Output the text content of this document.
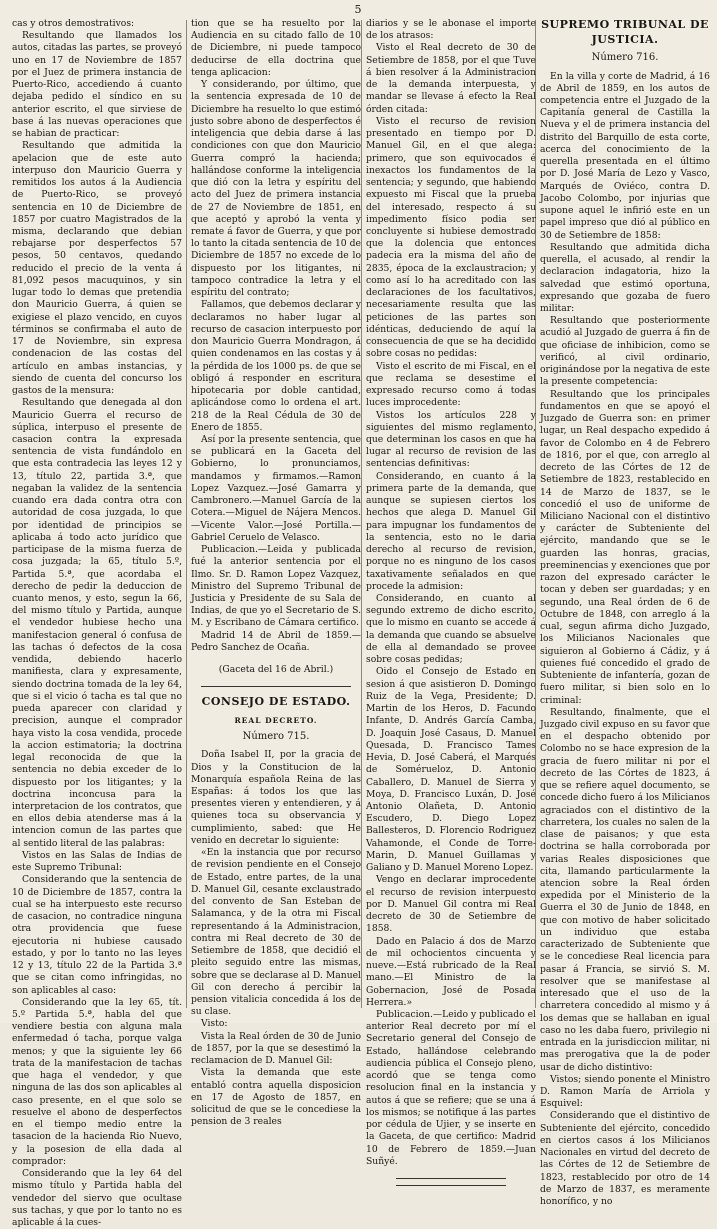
5

cas y otros demostrativos:

Resultando que llamados los autos, citadas las partes, se proveyó uno en 17 de Noviembre de 1857 por el Juez de primera instancia de Puerto-Rico, accediendo á cuanto dejaba pedido el síndico en su anterior escrito, el que sirviese de base á las nuevas operaciones que se habian de practicar:

Resultando que admitida la apelacion que de este auto interpuso don Mauricio Guerra y remitidos los autos á la Audiencia de Puerto-Rico, se proveyó sentencia en 10 de Diciembre de 1857 por cuatro Magistrados de la misma, declarando que debian rebajarse por desperfectos 57 pesos, 50 centavos, quedando reducido el precio de la venta á 81,092 pesos macuquinos, y sin lugar todo lo demas que pretendia don Mauricio Guerra, á quien se exigiese el plazo vencido, en cuyos términos se confirmaba el auto de 17 de Noviembre, sin expresa condenacion de las costas del artículo en ambas instancias, y siendo de cuenta del concurso los gastos de la mensura:

Resultando que denegada al don Mauricio Guerra el recurso de súplica, interpuso el presente de casacion contra la expresada sentencia de vista fundándolo en que esta contradecia las leyes 12 y 13, título 22, partida 3.ª, que negaban la validez de la sentencia cuando era dada contra otra con autoridad de cosa juzgada, lo que por identidad de principios se aplicaba á todo acto jurídico que participase de la misma fuerza de cosa juzgada; la 65, título 5.º, Partida 5.ª, que acordaba el derecho de pedir la deduccion de cuanto menos, y esto, segun la 66, del mismo título y Partida, aunque el vendedor hubiese hecho una manifestacion general ó confusa de las tachas ó defectos de la cosa vendida, debiendo hacerlo manifiesta, clara y expresamente, siendo doctrina tomada de la ley 64, que si el vicio ó tacha es tal que no pueda aparecer con claridad y precision, aunque el comprador haya visto la cosa vendida, procede la accion estimatoria; la doctrina legal reconocida de que la sentencia no debia exceder de lo dispuesto por los litigantes; y la doctrina inconcusa para la interpretacion de los contratos, que en ellos debia atenderse mas á la intencion comun de las partes que al sentido literal de las palabras:

Vistos en las Salas de Indias de este Supremo Tribunal:

Considerando que la sentencia de 10 de Diciembre de 1857, contra la cual se ha interpuesto este recurso de casacion, no contradice ninguna otra providencia que fuese ejecutoria ni hubiese causado estado, y por lo tanto no las leyes 12 y 13, título 22 de la Partida 3.ª que se citan como infringidas, no son aplicables al caso:

Considerando que la ley 65, tít. 5.º Partida 5.ª, habla del que vendiere bestia con alguna mala enfermedad ó tacha, porque valga menos; y que la siguiente ley 66 trata de la manifestacion de tachas que haga el vendedor, y que ninguna de las dos son aplicables al caso presente, en el que solo se resuelve el abono de desperfectos en el tiempo medio entre la tasacion de la hacienda Rio Nuevo, y la posesion de ella dada al comprador:

Considerando que la ley 64 del mismo título y Partida habla del vendedor del siervo que ocultase sus tachas, y que por lo tanto no es aplicable á la cues-

tion que se ha resuelto por la Audiencia en su citado fallo de 10 de Diciembre, ni puede tampoco deducirse de ella doctrina que tenga aplicacion:

Y considerando, por último, que la sentencia expresada de 10 de Diciembre ha resuelto lo que estimó justo sobre abono de desperfectos é inteligencia que debia darse á las condiciones con que don Mauricio Guerra compró la hacienda; hallándose conforme la inteligencia que dió con la letra y espíritu del acto del Juez de primera instancia de 27 de Noviembre de 1851, en que aceptó y aprobó la venta y remate á favor de Guerra, y que por lo tanto la citada sentencia de 10 de Diciembre de 1857 no excede de lo dispuesto por los litigantes, ni tampoco contradice la letra y el espíritu del contrato;

Fallamos, que debemos declarar y declaramos no haber lugar al recurso de casacion interpuesto por don Mauricio Guerra Mondragon, á quien condenamos en las costas y á la pérdida de los 1000 ps. de que se obligó á responder en escritura hipotecaria por doble cantidad, aplicándose como lo ordena el art. 218 de la Real Cédula de 30 de Enero de 1855.

Así por la presente sentencia, que se publicará en la Gaceta del Gobierno, lo pronunciamos, mandamos y firmamos.—Ramon Lopez Vazquez.—José Gamarra y Cambronero.—Manuel García de la Cotera.—Miguel de Nájera Mencos.—Vicente Valor.—José Portilla.—Gabriel Ceruelo de Velasco.

Publicacion.—Leida y publicada fué la anterior sentencia por el Ilmo. Sr. D. Ramon Lopez Vazquez, Ministro del Supremo Tribunal de Justicia y Presidente de su Sala de Indias, de que yo el Secretario de S. M. y Escribano de Cámara certifico.

Madrid 14 de Abril de 1859.—Pedro Sanchez de Ocaña.

(Gaceta del 16 de Abril.)

CONSEJO DE ESTADO.

REAL DECRETO.

Número 715.

Doña Isabel II, por la gracia de Dios y la Constitucion de la Monarquía española Reina de las Españas: á todos los que las presentes vieren y entendieren, y á quienes toca su observancia y cumplimiento, sabed: que He venido en decretar lo siguiente:

«En la instancia que por recurso de revision pendiente en el Consejo de Estado, entre partes, de la una D. Manuel Gil, cesante exclaustrado del convento de San Esteban de Salamanca, y de la otra mi Fiscal representando á la Administracion, contra mi Real decreto de 30 de Setiembre de 1858, que decidió el pleito seguido entre las mismas, sobre que se declarase al D. Manuel Gil con derecho á percibir la pension vitalicia concedida á los de su clase.

Visto:

Vista la Real órden de 30 de Junio de 1857, por la que se desestimó la reclamacion de D. Manuel Gil:

Vista la demanda que este entabló contra aquella disposicion en 17 de Agosto de 1857, en solicitud de que se le concediese la pension de 3 reales

diarios y se le abonase el importe de los atrasos:

Visto el Real decreto de 30 de Setiembre de 1858, por el que Tuve á bien resolver á la Administracion de la demanda interpuesta, y mandar se llevase á efecto la Real órden citada:

Visto el recurso de revision presentado en tiempo por D. Manuel Gil, en el que alega: primero, que son equivocados é inexactos los fundamentos de la sentencia; y segundo, que habiendo expuesto mi Fiscal que la prueba del interesado, respecto á su impedimento físico podia ser concluyente si hubiese demostrado que la dolencia que entonces padecia era la misma del año de 2835, época de la exclaustracion; y como así lo ha acreditado con las declaraciones de los facultativos, necesariamente resulta que las peticiones de las partes son idénticas, deduciendo de aquí la consecuencia de que se ha decidido sobre cosas no pedidas:

Visto el escrito de mi Fiscal, en el que reclama se desestime el expresado recurso como á todas luces improcedente:

Vistos los artículos 228 y siguientes del mismo reglamento, que determinan los casos en que ha lugar al recurso de revision de las sentencias definitivas:

Considerando, en cuanto á la primera parte de la demanda, que aunque se supiesen ciertos los hechos que alega D. Manuel Gil para impugnar los fundamentos de la sentencia, esto no le daria derecho al recurso de revision, porque no es ninguno de los casos taxativamente señalados en que procede la admision:

Considerando, en cuanto al segundo extremo de dicho escrito, que lo mismo en cuanto se accede á la demanda que cuando se absuelve de ella al demandado se provee sobre cosas pedidas;

Oido el Consejo de Estado en sesion á que asistieron D. Domingo Ruiz de la Vega, Presidente; D. Martin de los Heros, D. Facundo Infante, D. Andrés García Camba, D. Joaquin José Casaus, D. Manuel Quesada, D. Francisco Tames Hevia, D. José Caberá, el Marqués de Somérueloz, D. Antonio Caballero, D. Manuel de Sierra y Moya, D. Francisco Luxán, D. José Antonio Olañeta, D. Antonio Escudero, D. Diego Lopez Ballesteros, D. Florencio Rodriguez Vahamonde, el Conde de Torre-Marin, D. Manuel Guillamas y Galiano y D. Manuel Moreno Lopez.

Vengo en declarar improcedente el recurso de revision interpuesto por D. Manuel Gil contra mi Real decreto de 30 de Setiembre de 1858.

Dado en Palacio á dos de Marzo de mil ochocientos cincuenta y nueve.—Está rubricado de la Real mano.—El Ministro de la Gobernacion, José de Posada Herrera.»

Publicacion.—Leido y publicado el anterior Real decreto por mí el Secretario general del Consejo de Estado, hallándose celebrando audiencia pública el Consejo pleno, acordó que se tenga como resolucion final en la instancia y autos á que se refiere; que se una á los mismos; se notifique á las partes por cédula de Ujier, y se inserte en la Gaceta, de que certifico: Madrid 10 de Febrero de 1859.—Juan Suñyé.

SUPREMO TRIBUNAL DE JUSTICIA.

Número 716.

En la villa y corte de Madrid, á 16 de Abril de 1859, en los autos de competencia entre el Juzgado de la Capitanía general de Castilla la Nueva y el de primera instancia del distrito del Barquillo de esta corte, acerca del conocimiento de la querella presentada en el último por D. José María de Lezo y Vasco, Marqués de Oviéco, contra D. Jacobo Colombo, por injurias que supone aquel le infirió este en un papel impreso que dió al público en 30 de Setiembre de 1858:

Resultando que admitida dicha querella, el acusado, al rendir la declaracion indagatoria, hizo la salvedad que estimó oportuna, expresando que gozaba de fuero militar:

Resultando que posteriormente acudió al Juzgado de guerra á fin de que oficiase de inhibicion, como se verificó, al civil ordinario, originándose por la negativa de este la presente competencia:

Resultando que los principales fundamentos en que se apoyó el Juzgado de Guerra son: en primer lugar, un Real despacho expedido á favor de Colombo en 4 de Febrero de 1816, por el que, con arreglo al decreto de las Córtes de 12 de Setiembre de 1823, restablecido en 14 de Marzo de 1837, se le concedió el uso de uniforme de Miliciano Nacional con el distintivo y carácter de Subteniente del ejército, mandando que se le guarden las honras, gracias, preeminencias y exenciones que por razon del expresado carácter le tocan y deben ser guardadas; y en segundo, una Real órden de 6 de Octubre de 1848, con arreglo á la cual, segun afirma dicho Juzgado, los Milicianos Nacionales que siguieron al Gobierno á Cádiz, y á quienes fué concedido el grado de Subteniente de infantería, gozan de fuero militar, si bien solo en lo criminal:

Resultando, finalmente, que el Juzgado civil expuso en su favor que en el despacho obtenido por Colombo no se hace expresion de la gracia de fuero militar ni por el decreto de las Córtes de 1823, á que se refiere aquel documento, se concede dicho fuero á los Milicianos agraciados con el distintivo de la charretera, los cuales no salen de la clase de paisanos; y que esta doctrina se halla corroborada por varias Reales disposiciones que cita, llamando particularmente la atencion sobre la Real órden expedida por el Ministerio de la Guerra el 30 de Junio de 1848, en que con motivo de haber solicitado un individuo que estaba caracterizado de Subteniente que se le concediese Real licencia para pasar á Francia, se sirvió S. M. resolver que se manifestase al interesado que el uso de la charretera concedido al mismo y á los demas que se hallaban en igual caso no les daba fuero, privilegio ni entrada en la jurisdiccion militar, ni mas prerogativa que la de poder usar de dicho distintivo:

Vistos; siendo ponente el Ministro D. Ramon María de Arriola y Esquivel:

Considerando que el distintivo de Subteniente del ejército, concedido en ciertos casos á los Milicianos Nacionales en virtud del decreto de las Córtes de 12 de Setiembre de 1823, restablecido por otro de 14 de Marzo de 1837, es meramente honorífico, y no
